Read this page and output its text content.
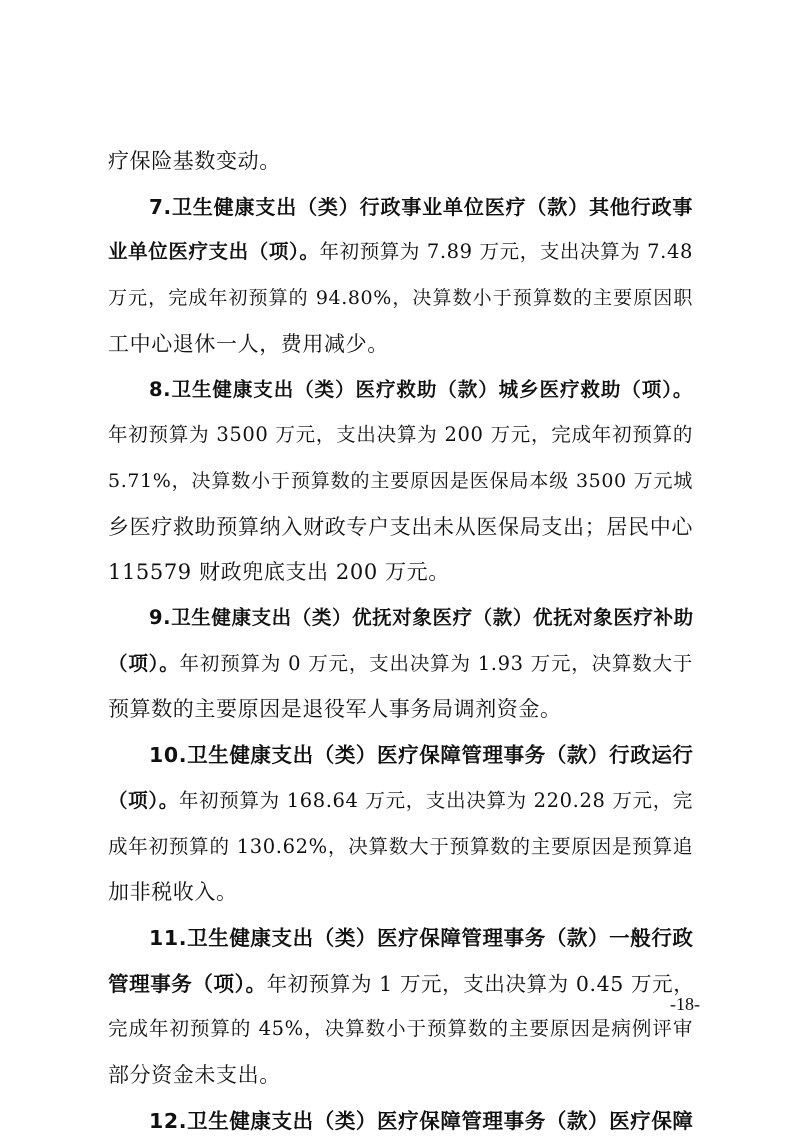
疗保险基数变动。
7.卫生健康支出（类）行政事业单位医疗（款）其他行政事
业单位医疗支出（项）。年初预算为 7.89 万元，支出决算为 7.48
万元，完成年初预算的 94.80%，决算数小于预算数的主要原因职
工中心退休一人，费用减少。
8.卫生健康支出（类）医疗救助（款）城乡医疗救助（项）。
年初预算为 3500 万元，支出决算为 200 万元，完成年初预算的
5.71%，决算数小于预算数的主要原因是医保局本级 3500 万元城
乡医疗救助预算纳入财政专户支出未从医保局支出；居民中心
115579 财政兜底支出 200 万元。
9.卫生健康支出（类）优抚对象医疗（款）优抚对象医疗补助
（项）。年初预算为 0 万元，支出决算为 1.93 万元，决算数大于
预算数的主要原因是退役军人事务局调剂资金。
10.卫生健康支出（类）医疗保障管理事务（款）行政运行
（项）。年初预算为 168.64 万元，支出决算为 220.28 万元，完
成年初预算的 130.62%，决算数大于预算数的主要原因是预算追
加非税收入。
11.卫生健康支出（类）医疗保障管理事务（款）一般行政
管理事务（项）。年初预算为 1 万元，支出决算为 0.45 万元，
完成年初预算的 45%，决算数小于预算数的主要原因是病例评审
部分资金未支出。
12.卫生健康支出（类）医疗保障管理事务（款）医疗保障
-18-
